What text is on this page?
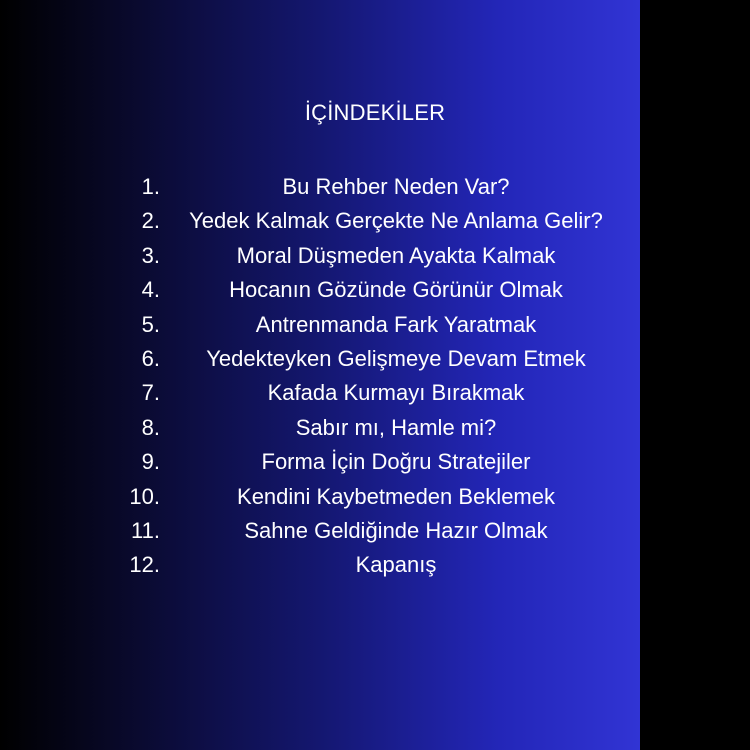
İÇİNDEKİLER
1.	Bu Rehber Neden Var?
2.	Yedek Kalmak Gerçekte Ne Anlama Gelir?
3.	Moral Düşmeden Ayakta Kalmak
4.	Hocanın Gözünde Görünür Olmak
5.	Antrenmanda Fark Yaratmak
6.	Yedekteyken Gelişmeye Devam Etmek
7.	Kafada Kurmayı Bırakmak
8.	Sabır mı, Hamle mi?
9.	Forma İçin Doğru Stratejiler
10.	Kendini Kaybetmeden Beklemek
11.	Sahne Geldiğinde Hazır Olmak
12.	Kapanış
